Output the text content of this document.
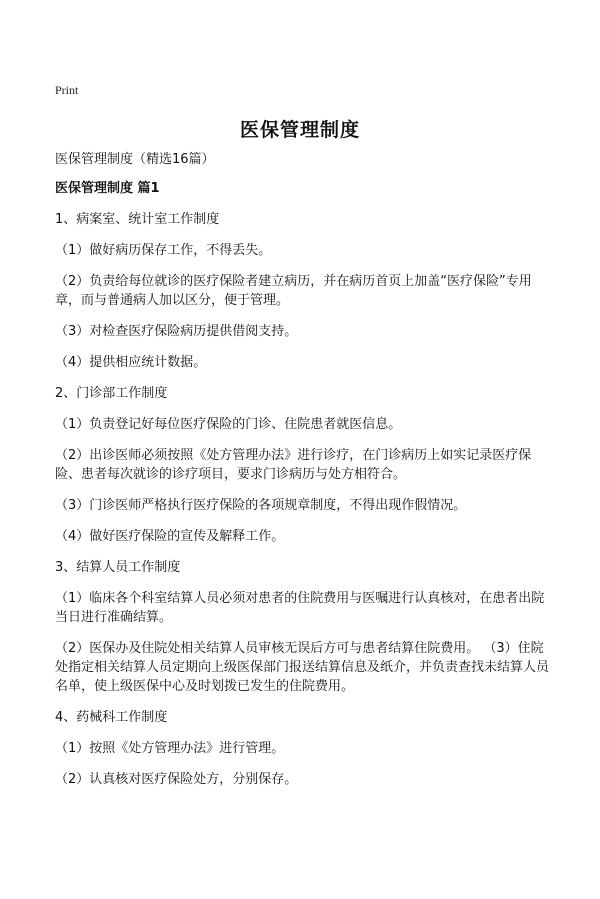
Print
医保管理制度

医保管理制度（精选16篇）

医保管理制度 篇1

1、病案室、统计室工作制度

（1）做好病历保存工作，不得丢失。

（2）负责给每位就诊的医疗保险者建立病历，并在病历首页上加盖“医疗保险”专用章，而与普通病人加以区分，便于管理。

（3）对检查医疗保险病历提供借阅支持。

（4）提供相应统计数据。

2、门诊部工作制度

（1）负责登记好每位医疗保险的门诊、住院患者就医信息。

（2）出诊医师必须按照《处方管理办法》进行诊疗，在门诊病历上如实记录医疗保险、患者每次就诊的诊疗项目，要求门诊病历与处方相符合。

（3）门诊医师严格执行医疗保险的各项规章制度，不得出现作假情况。

（4）做好医疗保险的宣传及解释工作。

3、结算人员工作制度

（1）临床各个科室结算人员必须对患者的住院费用与医嘱进行认真核对，在患者出院当日进行准确结算。

（2）医保办及住院处相关结算人员审核无误后方可与患者结算住院费用。 （3）住院处指定相关结算人员定期向上级医保部门报送结算信息及纸介，并负责查找未结算人员名单，使上级医保中心及时划拨已发生的住院费用。

4、药械科工作制度

（1）按照《处方管理办法》进行管理。

（2）认真核对医疗保险处方，分别保存。
